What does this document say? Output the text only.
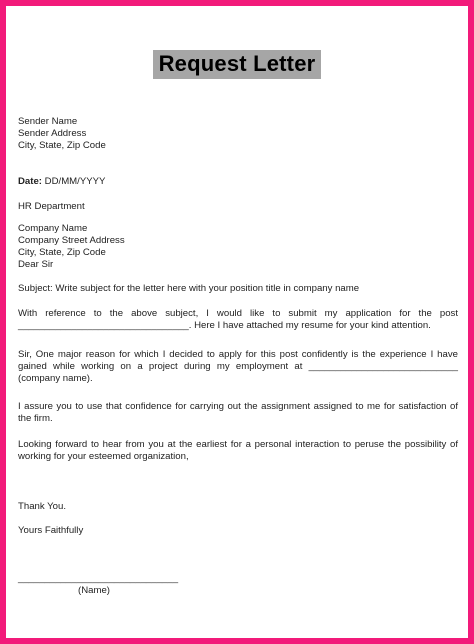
Request Letter
Sender Name
Sender Address
City, State, Zip Code
Date: DD/MM/YYYY
HR Department
Company Name
Company Street Address
City, State, Zip Code
Dear Sir
Subject: Write subject for the letter here with your position title in company name
With reference to the above subject, I would like to submit my application for the post ________________________________. Here I have attached my resume for your kind attention.
Sir, One major reason for which I decided to apply for this post confidently is the experience I have gained while working on a project during my employment at ____________________________ (company name).
I assure you to use that confidence for carrying out the assignment assigned to me for satisfaction of the firm.
Looking forward to hear from you at the earliest for a personal interaction to peruse the possibility of working for your esteemed organization,
Thank You.
Yours Faithfully
______________________________
(Name)
